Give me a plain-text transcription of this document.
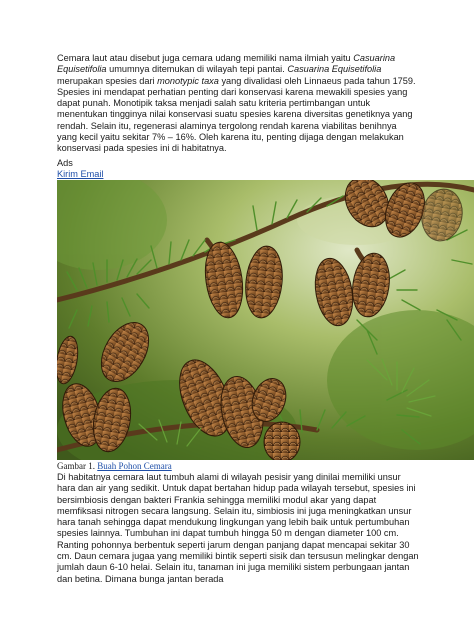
Cemara laut atau disebut juga cemara udang memiliki nama ilmiah yaitu Casuarina Equisetifolia umumnya ditemukan di wilayah tepi pantai. Casuarina Equisetifolia merupakan spesies dari monotypic taxa yang divalidasi oleh Linnaeus pada tahun 1759. Spesies ini mendapat perhatian penting dari konservasi karena mewakili spesies yang dapat punah. Monotipik taksa menjadi salah satu kriteria pertimbangan untuk menentukan tingginya nilai konservasi suatu spesies karena diversitas genetiknya yang rendah. Selain itu, regenerasi alaminya tergolong rendah karena viabilitas benihnya yang kecil yaitu sekitar 7% – 16%. Oleh karena itu, penting dijaga dengan melakukan konservasi pada spesies ini di habitatnya.

Ads
Kirim Email
Gambar 1. Buah Pohon Cemara

Di habitatnya cemara laut tumbuh alami di wilayah pesisir yang dinilai memiliki unsur hara dan air yang sedikit. Untuk dapat bertahan hidup pada wilayah tersebut, spesies ini bersimbiosis dengan bakteri Frankia sehingga memiliki modul akar yang dapat memfiksasi nitrogen secara langsung. Selain itu, simbiosis ini juga meningkatkan unsur hara tanah sehingga dapat mendukung lingkungan yang lebih baik untuk pertumbuhan spesies lainnya. Tumbuhan ini dapat tumbuh hingga 50 m dengan diameter 100 cm. Ranting pohonnya berbentuk seperti jarum dengan panjang dapat mencapai sekitar 30 cm. Daun cemara jugaa yang memiliki bintik seperti sisik dan tersusun melingkar dengan jumlah daun 6-10 helai. Selain itu, tanaman ini juga memiliki sistem perbungaan jantan dan betina. Dimana bunga jantan berada
